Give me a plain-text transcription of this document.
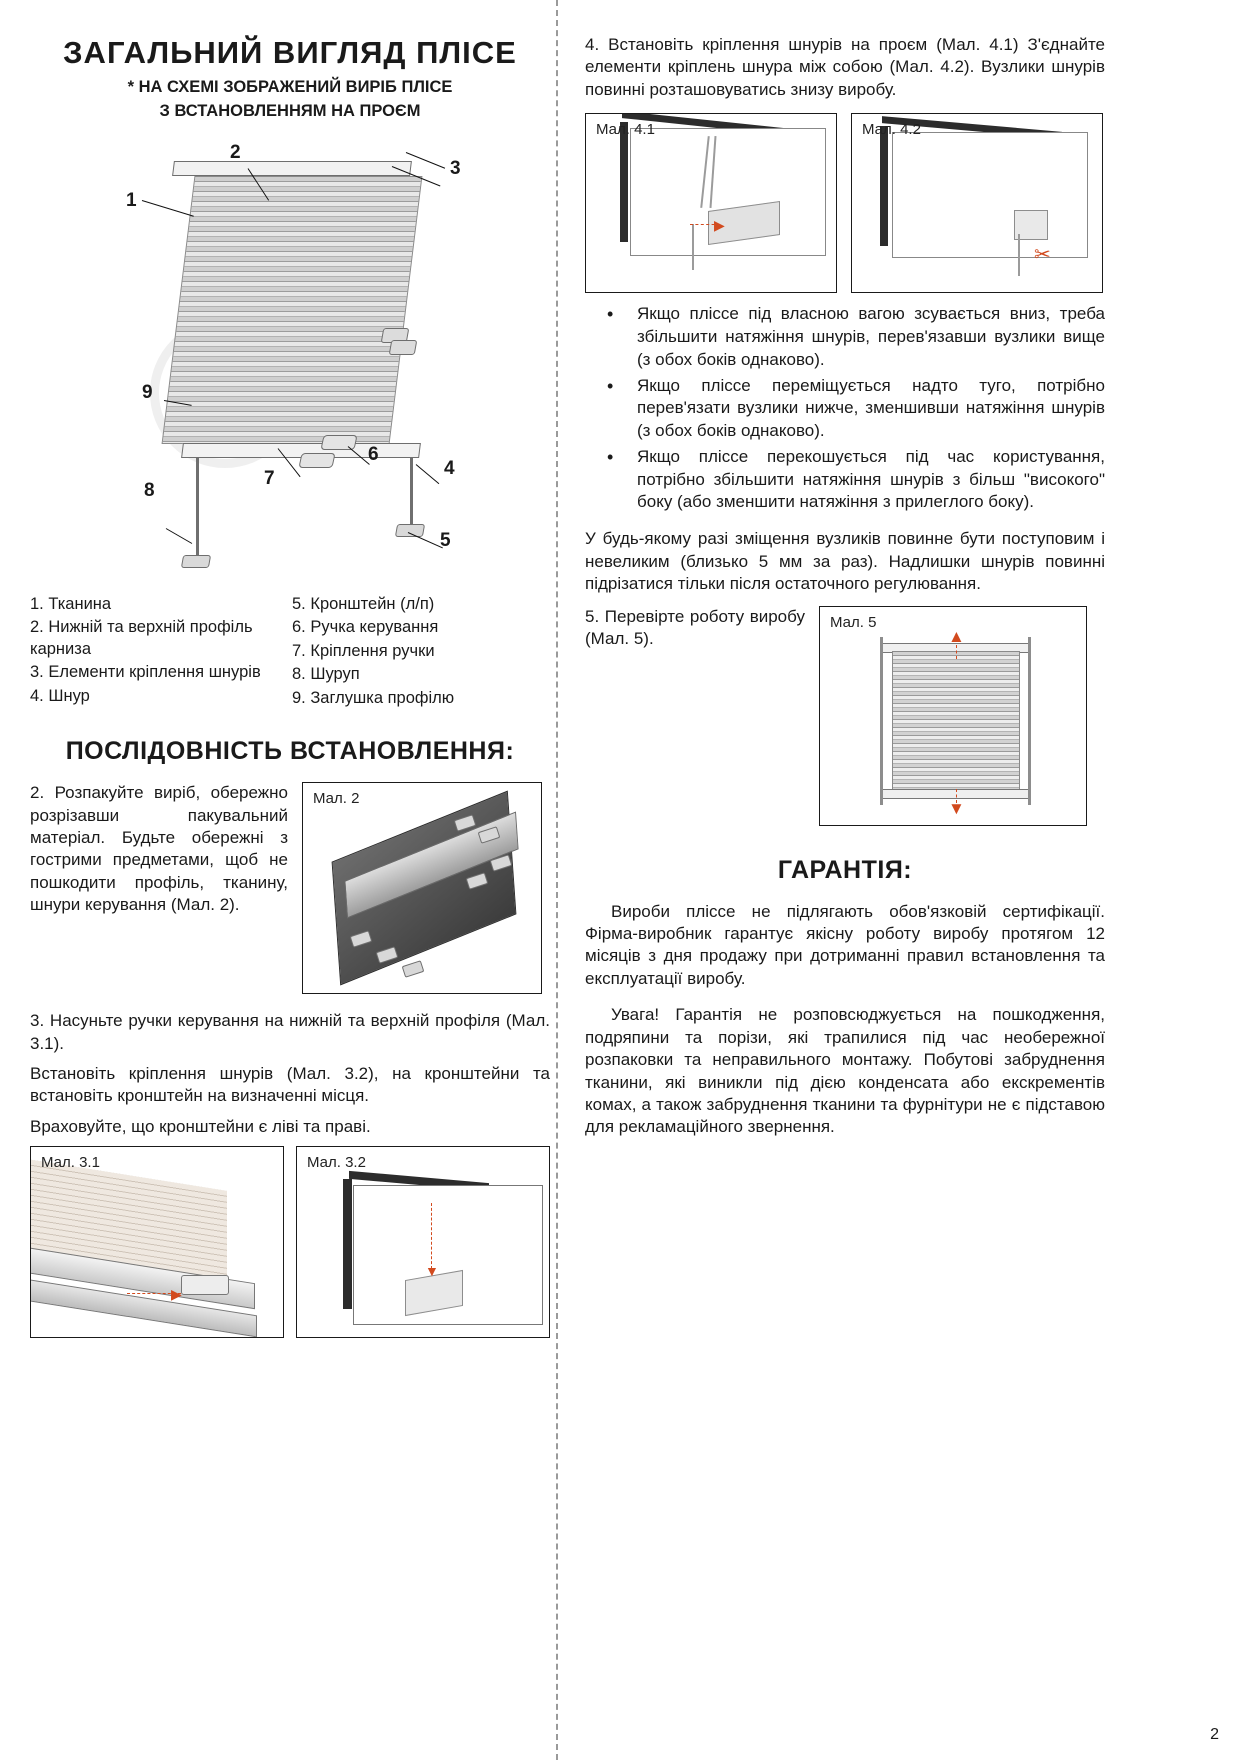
ЗАГАЛЬНИЙ ВИГЛЯД ПЛІСЕ
* НА СХЕМІ ЗОБРАЖЕНИЙ ВИРІБ ПЛІСЕ
З ВСТАНОВЛЕННЯМ НА ПРОЄМ
1
2
3
4
5
6
7
8
9
1. Тканина
2. Нижній та верхній профіль карниза
3. Елементи кріплення шнурів
4. Шнур
5. Кронштейн (л/п)
6. Ручка керування
7. Кріплення ручки
8. Шуруп
9. Заглушка профілю
ПОСЛІДОВНІСТЬ ВСТАНОВЛЕННЯ:

2. Розпакуйте виріб, обережно розрізавши пакувальний матеріал. Будьте обережні з гострими предметами, щоб не пошкодити профіль, тканину, шнури керування (Мал. 2).

Мал. 2

3. Насуньте ручки керування на нижній та верхній профіля (Мал. 3.1).

Встановіть кріплення шнурів (Мал. 3.2), на кронштейни та встановіть кронштейн на визначенні місця.

Враховуйте, що кронштейни є ліві та праві.

Мал. 3.1
▶
Мал. 3.2
▼

4. Встановіть кріплення шнурів на проєм (Мал. 4.1) З'єднайте елементи кріплень шнура між собою (Мал. 4.2). Вузлики шнурів повинні розташовуватись знизу виробу.

Мал. 4.1
▶
Мал. 4.2
✂
• Якщо пліссе під власною вагою зсувається вниз, треба збільшити натяжіння шнурів, перев'язавши вузлики вище (з обох боків однаково).
• Якщо пліссе переміщується надто туго, потрібно перев'язати вузлики нижче, зменшивши натяжіння шнурів (з обох боків однаково).
• Якщо пліссе перекошується під час користування, потрібно збільшити натяжіння шнурів з більш "високого" боку (або зменшити натяжіння з прилеглого боку).

У будь-якому разі зміщення вузликів повинне бути поступовим і невеликим (близько 5 мм за раз). Надлишки шнурів повинні підрізатися тільки після остаточного регулювання.

5. Перевірте роботу виробу (Мал. 5).

Мал. 5
▲
▼
ГАРАНТІЯ:

Вироби пліссе не підлягають обов'язковій сертифікації. Фірма-виробник гарантує якісну роботу виробу протягом 12 місяців з дня продажу при дотриманні правил встановлення та експлуатації виробу.

Увага! Гарантія не розповсюджується на пошкодження, подряпини та порізи, які трапилися під час необережної розпаковки та неправильного монтажу. Побутові забруднення тканини, які виникли під дією конденсата або екскрементів комах, а також забруднення тканини та фурнітури не є підставою для рекламаційного звернення.

2
